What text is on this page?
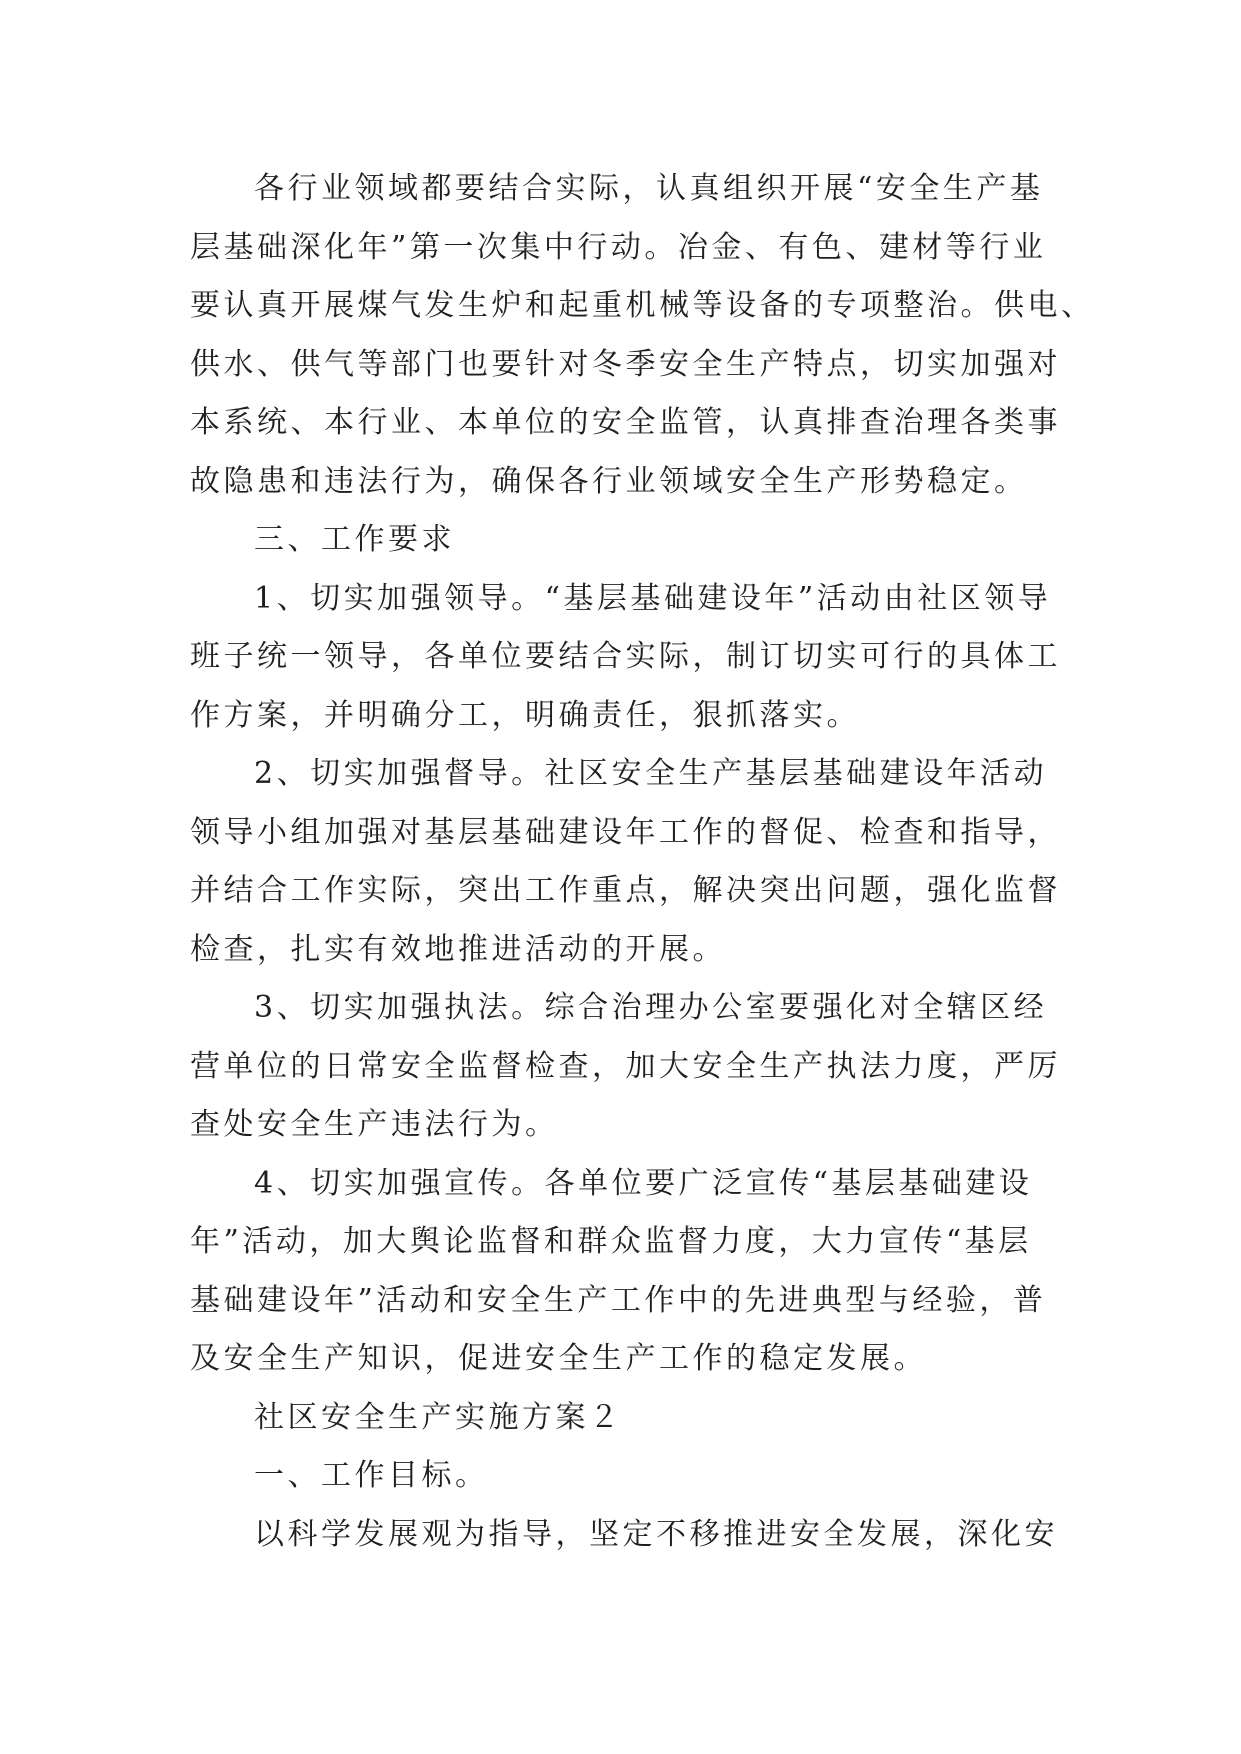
各行业领域都要结合实际，认真组织开展“安全生产基
层基础深化年”第一次集中行动。冶金、有色、建材等行业
要认真开展煤气发生炉和起重机械等设备的专项整治。供电、
供水、供气等部门也要针对冬季安全生产特点，切实加强对
本系统、本行业、本单位的安全监管，认真排查治理各类事
故隐患和违法行为，确保各行业领域安全生产形势稳定。
三、工作要求
1、切实加强领导。“基层基础建设年”活动由社区领导
班子统一领导，各单位要结合实际，制订切实可行的具体工
作方案，并明确分工，明确责任，狠抓落实。
2、切实加强督导。社区安全生产基层基础建设年活动
领导小组加强对基层基础建设年工作的督促、检查和指导，
并结合工作实际，突出工作重点，解决突出问题，强化监督
检查，扎实有效地推进活动的开展。
3、切实加强执法。综合治理办公室要强化对全辖区经
营单位的日常安全监督检查，加大安全生产执法力度，严厉
查处安全生产违法行为。
4、切实加强宣传。各单位要广泛宣传“基层基础建设
年”活动，加大舆论监督和群众监督力度，大力宣传“基层
基础建设年”活动和安全生产工作中的先进典型与经验，普
及安全生产知识，促进安全生产工作的稳定发展。
社区安全生产实施方案２
一、工作目标。
以科学发展观为指导，坚定不移推进安全发展，深化安
